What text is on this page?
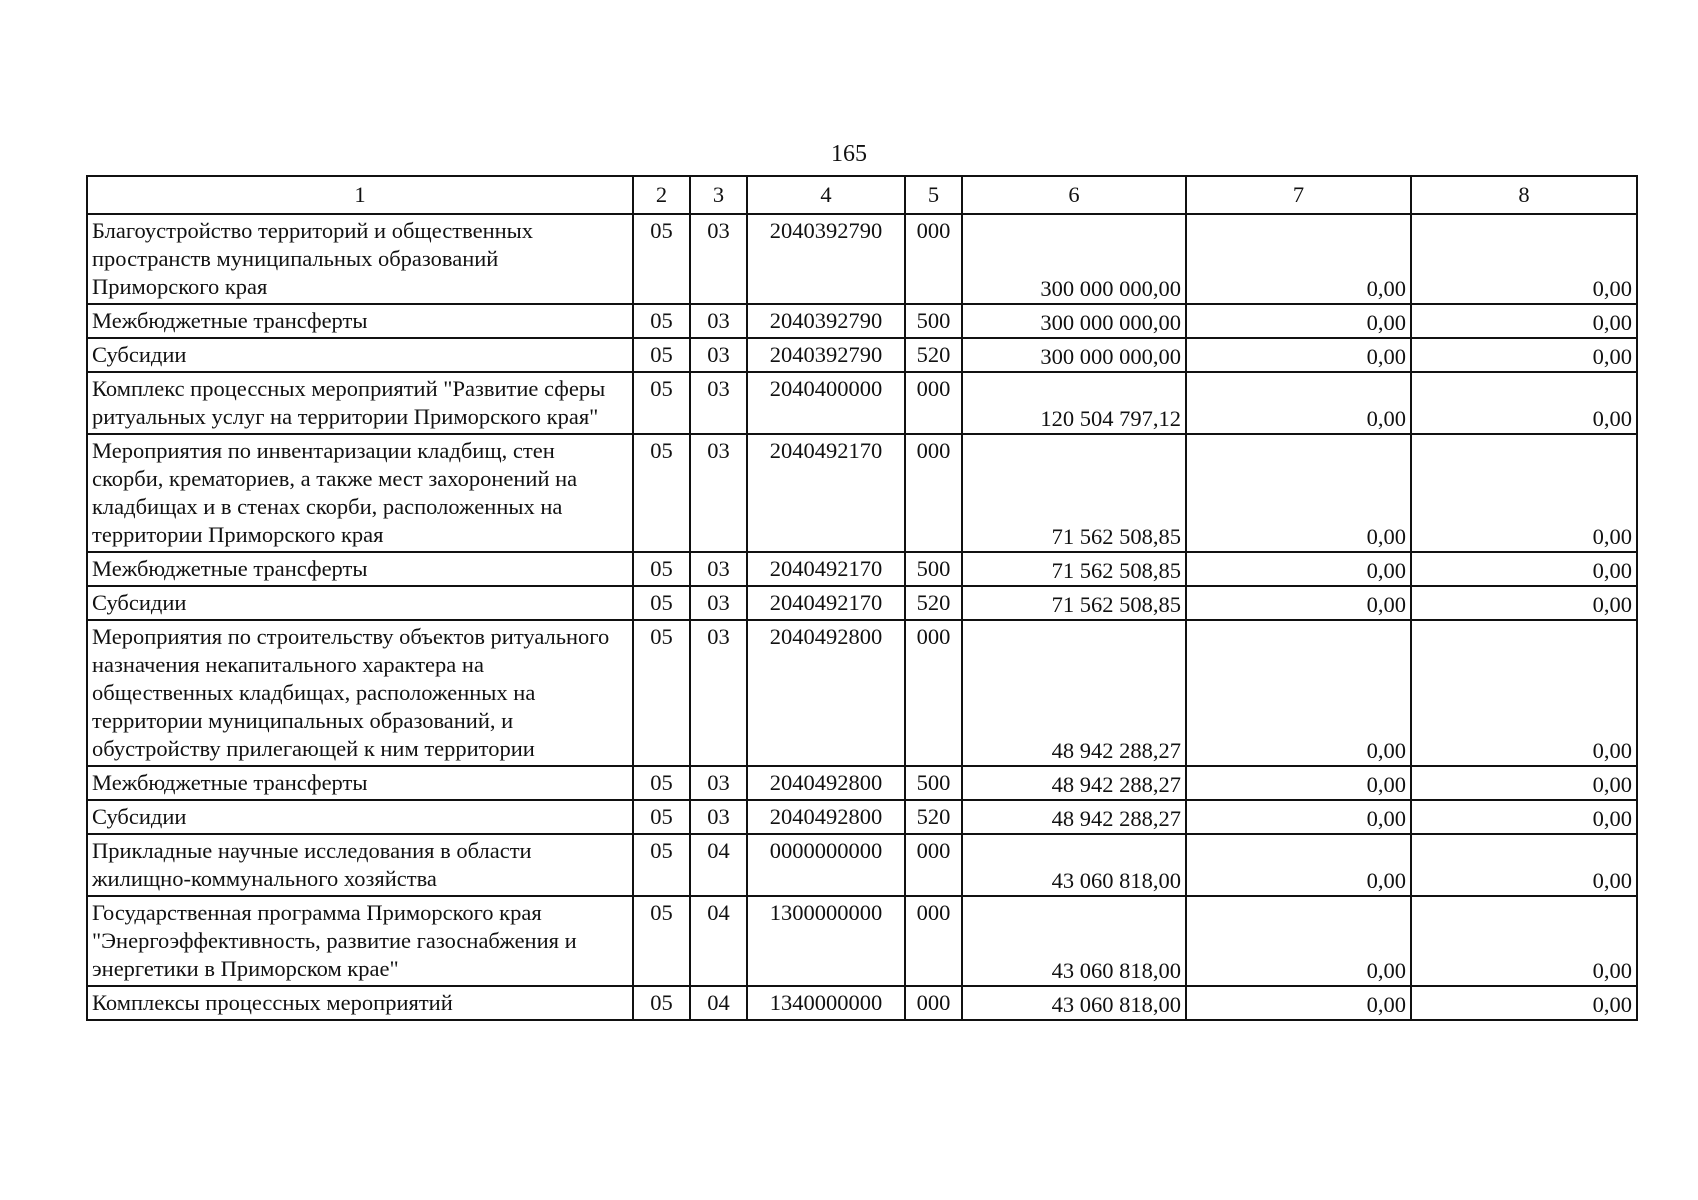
165
1	2	3	4	5	6	7	8
Благоустройство территорий и общественных пространств муниципальных образований Приморского края	05	03	2040392790	000	300 000 000,00	0,00	0,00
Межбюджетные трансферты	05	03	2040392790	500	300 000 000,00	0,00	0,00
Субсидии	05	03	2040392790	520	300 000 000,00	0,00	0,00
Комплекс процессных мероприятий "Развитие сферы ритуальных услуг на территории Приморского края"	05	03	2040400000	000	120 504 797,12	0,00	0,00
Мероприятия по инвентаризации кладбищ, стен скорби, крематориев, а также мест захоронений на кладбищах и в стенах скорби, расположенных на территории Приморского края	05	03	2040492170	000	71 562 508,85	0,00	0,00
Межбюджетные трансферты	05	03	2040492170	500	71 562 508,85	0,00	0,00
Субсидии	05	03	2040492170	520	71 562 508,85	0,00	0,00
Мероприятия по строительству объектов ритуального назначения некапитального характера на общественных кладбищах, расположенных на территории муниципальных образований, и обустройству прилегающей к ним территории	05	03	2040492800	000	48 942 288,27	0,00	0,00
Межбюджетные трансферты	05	03	2040492800	500	48 942 288,27	0,00	0,00
Субсидии	05	03	2040492800	520	48 942 288,27	0,00	0,00
Прикладные научные исследования в области жилищно-коммунального хозяйства	05	04	0000000000	000	43 060 818,00	0,00	0,00
Государственная программа Приморского края "Энергоэффективность, развитие газоснабжения и энергетики в Приморском крае"	05	04	1300000000	000	43 060 818,00	0,00	0,00
Комплексы процессных мероприятий	05	04	1340000000	000	43 060 818,00	0,00	0,00
